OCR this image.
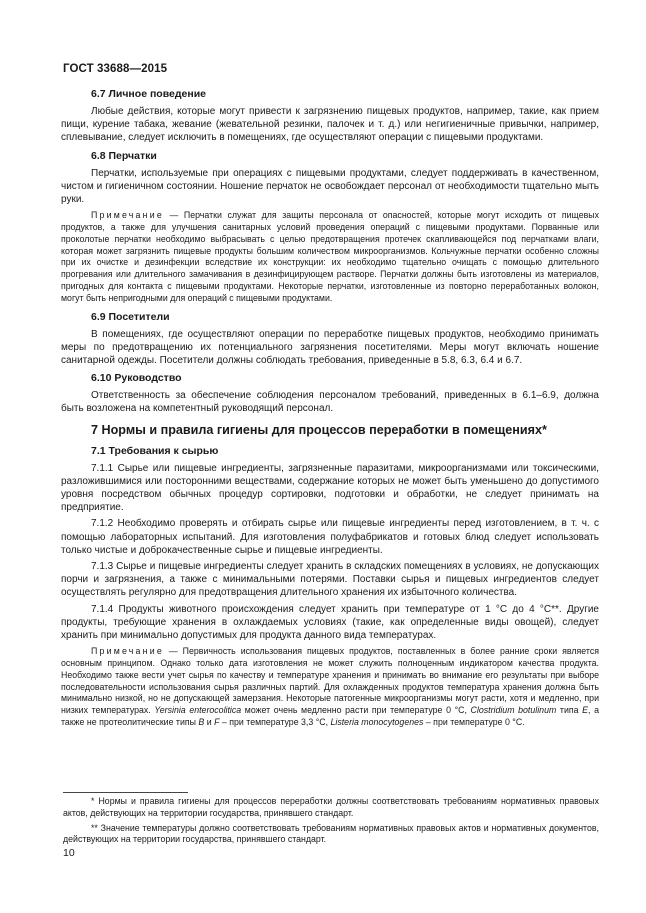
ГОСТ 33688—2015
6.7 Личное поведение
Любые действия, которые могут привести к загрязнению пищевых продуктов, например, такие, как прием пищи, курение табака, жевание (жевательной резинки, палочек и т. д.) или негигиеничные привычки, например, сплевывание, следует исключить в помещениях, где осуществляют операции с пищевыми продуктами.
6.8 Перчатки
Перчатки, используемые при операциях с пищевыми продуктами, следует поддерживать в качественном, чистом и гигиеничном состоянии. Ношение перчаток не освобождает персонал от необходимости тщательно мыть руки.
Примечание — Перчатки служат для защиты персонала от опасностей, которые могут исходить от пищевых продуктов, а также для улучшения санитарных условий проведения операций с пищевыми продуктами. Порванные или проколотые перчатки необходимо выбрасывать с целью предотвращения протечек скапливающейся под перчатками влаги, которая может загрязнить пищевые продукты большим количеством микроорганизмов. Кольчужные перчатки особенно сложны при их очистке и дезинфекции вследствие их конструкции: их необходимо тщательно очищать с помощью длительного прогревания или длительного замачивания в дезинфицирующем растворе. Перчатки должны быть изготовлены из материалов, пригодных для контакта с пищевыми продуктами. Некоторые перчатки, изготовленные из повторно переработанных волокон, могут быть непригодными для операций с пищевыми продуктами.
6.9 Посетители
В помещениях, где осуществляют операции по переработке пищевых продуктов, необходимо принимать меры по предотвращению их потенциального загрязнения посетителями. Меры могут включать ношение санитарной одежды. Посетители должны соблюдать требования, приведенные в 5.8, 6.3, 6.4 и 6.7.
6.10 Руководство
Ответственность за обеспечение соблюдения персоналом требований, приведенных в 6.1–6.9, должна быть возложена на компетентный руководящий персонал.
7 Нормы и правила гигиены для процессов переработки в помещениях*
7.1 Требования к сырью
7.1.1 Сырье или пищевые ингредиенты, загрязненные паразитами, микроорганизмами или токсическими, разложившимися или посторонними веществами, содержание которых не может быть уменьшено до допустимого уровня посредством обычных процедур сортировки, подготовки и обработки, не следует принимать на предприятие.
7.1.2 Необходимо проверять и отбирать сырье или пищевые ингредиенты перед изготовлением, в т. ч. с помощью лабораторных испытаний. Для изготовления полуфабрикатов и готовых блюд следует использовать только чистые и доброкачественные сырье и пищевые ингредиенты.
7.1.3 Сырье и пищевые ингредиенты следует хранить в складских помещениях в условиях, не допускающих порчи и загрязнения, а также с минимальными потерями. Поставки сырья и пищевых ингредиентов следует осуществлять регулярно для предотвращения длительного хранения их избыточного количества.
7.1.4 Продукты животного происхождения следует хранить при температуре от 1 °С до 4 °С**. Другие продукты, требующие хранения в охлаждаемых условиях (такие, как определенные виды овощей), следует хранить при минимально допустимых для продукта данного вида температурах.
Примечание — Первичность использования пищевых продуктов, поставленных в более ранние сроки является основным принципом. Однако только дата изготовления не может служить полноценным индикатором качества продукта. Необходимо также вести учет сырья по качеству и температуре хранения и принимать во внимание его результаты при выборе последовательности использования сырья различных партий. Для охлажденных продуктов температура хранения должна быть минимально низкой, но не допускающей замерзания. Некоторые патогенные микроорганизмы могут расти, хотя и медленно, при низких температурах. Yersinia enterocolitica может очень медленно расти при температуре 0 °С, Clostridium botulinum типа Е, а также не протеолитические типы В и F – при температуре 3,3 °С, Listeria monocytogenes – при температуре 0 °С.
* Нормы и правила гигиены для процессов переработки должны соответствовать требованиям нормативных правовых актов, действующих на территории государства, принявшего стандарт.
** Значение температуры должно соответствовать требованиям нормативных правовых актов и нормативных документов, действующих на территории государства, принявшего стандарт.
10
